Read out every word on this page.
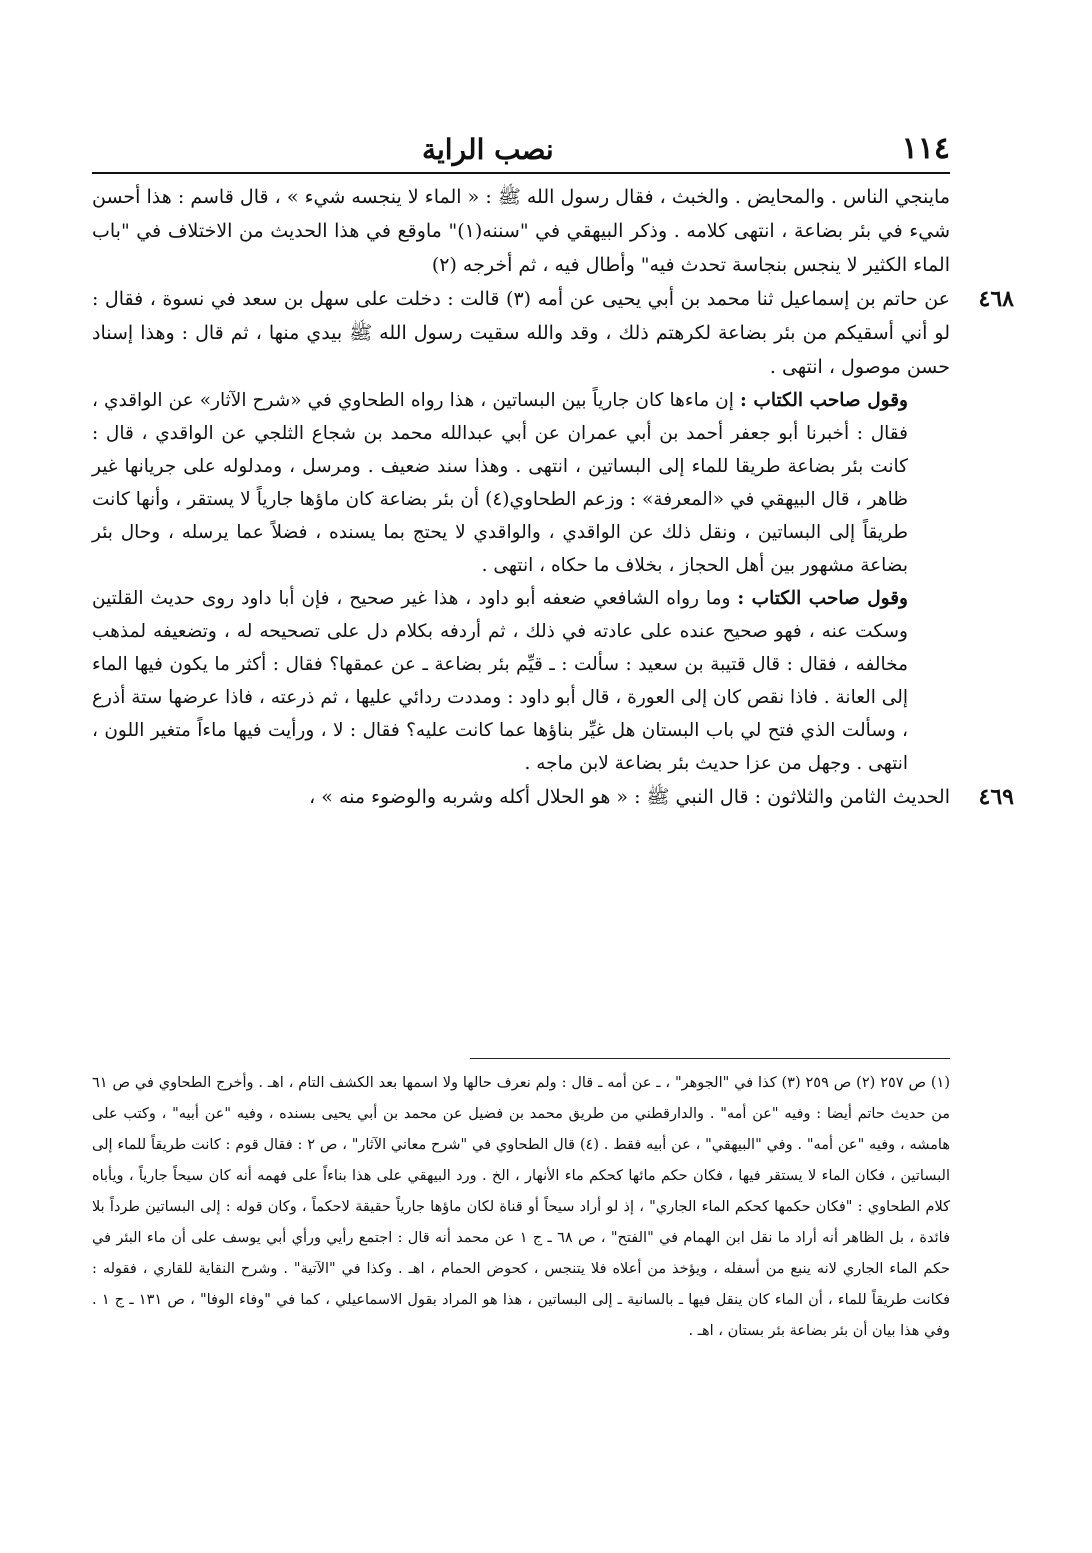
١١٤
نصب الراية

ماينجي الناس . والمحايض . والخبث ، فقال رسول الله ﷺ : « الماء لا ينجسه شيء » ، قال قاسم : هذا أحسن شيء في بئر بضاعة ، انتهى كلامه . وذكر البيهقي في "سننه(١)" ماوقع في هذا الحديث من الاختلاف في "باب الماء الكثير لا ينجس بنجاسة تحدث فيه" وأطال فيه ، ثم أخرجه (٢)

٤٦٨
عن حاتم بن إسماعيل ثنا محمد بن أبي يحيى عن أمه (٣) قالت : دخلت على سهل بن سعد في نسوة ، فقال : لو أني أسقيكم من بئر بضاعة لكرهتم ذلك ، وقد والله سقيت رسول الله ﷺ بيدي منها ، ثم قال : وهذا إسناد حسن موصول ، انتهى .

وقول صاحب الكتاب : إن ماءها كان جارياً بين البساتين ، هذا رواه الطحاوي في «شرح الآثار» عن الواقدي ، فقال : أخبرنا أبو جعفر أحمد بن أبي عمران عن أبي عبدالله محمد بن شجاع الثلجي عن الواقدي ، قال : كانت بئر بضاعة طريقا للماء إلى البساتين ، انتهى . وهذا سند ضعيف . ومرسل ، ومدلوله على جريانها غير ظاهر ، قال البيهقي في «المعرفة» : وزعم الطحاوي(٤) أن بئر بضاعة كان ماؤها جارياً لا يستقر ، وأنها كانت طريقاً إلى البساتين ، ونقل ذلك عن الواقدي ، والواقدي لا يحتج بما يسنده ، فضلاً عما يرسله ، وحال بئر بضاعة مشهور بين أهل الحجاز ، بخلاف ما حكاه ، انتهى .

وقول صاحب الكتاب : وما رواه الشافعي ضعفه أبو داود ، هذا غير صحيح ، فإن أبا داود روى حديث القلتين وسكت عنه ، فهو صحيح عنده على عادته في ذلك ، ثم أردفه بكلام دل على تصحيحه له ، وتضعيفه لمذهب مخالفه ، فقال : قال قتيبة بن سعيد : سألت : ـ قيِّم بئر بضاعة ـ عن عمقها؟ فقال : أكثر ما يكون فيها الماء إلى العانة . فاذا نقص كان إلى العورة ، قال أبو داود : ومددت ردائي عليها ، ثم ذرعته ، فاذا عرضها ستة أذرع ، وسألت الذي فتح لي باب البستان هل غيِّر بناؤها عما كانت عليه؟ فقال : لا ، ورأيت فيها ماءاً متغير اللون ، انتهى . وجهل من عزا حديث بئر بضاعة لابن ماجه .

٤٦٩
الحديث الثامن والثلاثون : قال النبي ﷺ : « هو الحلال أكله وشربه والوضوء منه » ،

(١) ص ٢٥٧ (٢) ص ٢٥٩ (٣) كذا في "الجوهر" ، ـ عن أمه ـ قال : ولم نعرف حالها ولا اسمها بعد الكشف التام ، اهـ . وأخرج الطحاوي في ص ٦١ من حديث حاتم أيضا : وفيه "عن أمه" . والدارقطني من طريق محمد بن فضيل عن محمد بن أبي يحيى بسنده ، وفيه "عن أبيه" ، وكتب على هامشه ، وفيه "عن أمه" . وفي "البيهقي" ، عن أبيه فقط . (٤) قال الطحاوي في "شرح معاني الآثار" ، ص ٢ : فقال قوم : كانت طريقاً للماء إلى البساتين ، فكان الماء لا يستقر فيها ، فكان حكم مائها كحكم ماء الأنهار ، الخ . ورد البيهقي على هذا بناءاً على فهمه أنه كان سيحاً جارياً ، ويأباه كلام الطحاوي : "فكان حكمها كحكم الماء الجاري" ، إذ لو أراد سيحاً أو قناة لكان ماؤها جارياً حقيقة لاحكماً ، وكان قوله : إلى البساتين طرداً بلا فائدة ، بل الظاهر أنه أراد ما نقل ابن الهمام في "الفتح" ، ص ٦٨ ـ ج ١ عن محمد أنه قال : اجتمع رأيي ورأي أبي يوسف على أن ماء البئر في حكم الماء الجاري لانه ينبع من أسفله ، ويؤخذ من أعلاه فلا يتنجس ، كحوض الحمام ، اهـ . وكذا في "الآتية" . وشرح النقاية للقاري ، فقوله : فكانت طريقاً للماء ، أن الماء كان ينقل فيها ـ بالسانية ـ إلى البساتين ، هذا هو المراد بقول الاسماعيلي ، كما في "وفاء الوفا" ، ص ١٣١ ـ ج ١ . وفي هذا بيان أن بئر بضاعة بئر بستان ، اهـ .
